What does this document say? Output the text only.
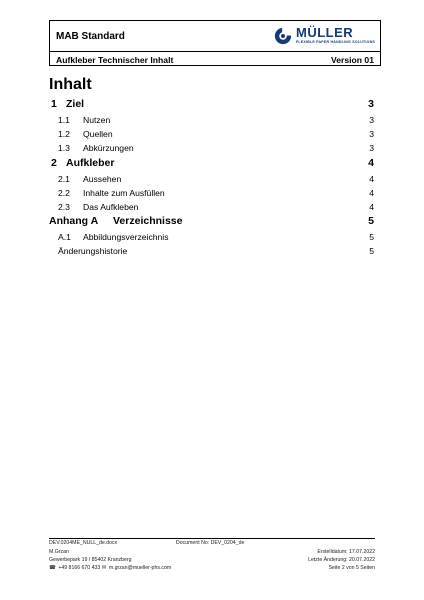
MAB Standard	MÜLLER
FLEXIBLE PAPER HANDLING SOLUTIONS
Aufkleber Technischer Inhalt	Version 01
Inhalt
1 Ziel	3
1.1 Nutzen	3
1.2 Quellen	3
1.3 Abkürzungen	3
2 Aufkleber	4
2.1 Aussehen	4
2.2 Inhalte zum Ausfüllen	4
2.3 Das Aufkleben	4
Anhang A Verzeichnisse	5
A.1 Abbildungsverzeichnis	5
Änderungshistorie	5
DEV.0204ME_NULL_de.docx	Document No: DEV_0204_de
M.Grzan
Gewerbepark 19 / 85402 Kranzberg
☎ +49 8166 670 433 ✉ m.grzan@mueller-phs.com
Erstelldatum: 17.07.2022
Letzte Änderung: 20.07.2022
Seite 2 von 5 Seiten
